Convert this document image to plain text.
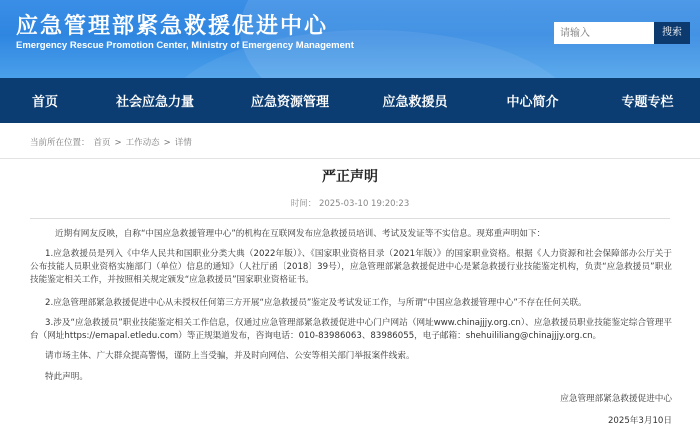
应急管理部紧急救援促进中心
Emergency Rescue Promotion Center, Ministry of Emergency Management
请输入
搜索
首页	社会应急力量	应急资源管理	应急救援员	中心简介	专题专栏
当前所在位置： 首页 > 工作动态 > 详情
严正声明
时间： 2025-03-10 19:20:23
近期有网友反映，自称“中国应急救援管理中心”的机构在互联网发布应急救援员培训、考试及发证等不实信息。现郑重声明如下：
1.应急救援员是列入《中华人民共和国职业分类大典（2022年版）》、《国家职业资格目录（2021年版）》的国家职业资格。根据《人力资源和社会保障部办公厅关于公布技能人员职业资格实施部门（单位）信息的通知》（人社厅函〔2018〕39号），应急管理部紧急救援促进中心是紧急救援行业技能鉴定机构，负责“应急救援员”职业技能鉴定相关工作，并按照相关规定颁发“应急救援员”国家职业资格证书。
2.应急管理部紧急救援促进中心从未授权任何第三方开展“应急救援员”鉴定及考试发证工作，与所谓“中国应急救援管理中心”不存在任何关联。
3.涉及“应急救援员”职业技能鉴定相关工作信息，仅通过应急管理部紧急救援促进中心门户网站（网址www.chinajjjy.org.cn）、应急救援员职业技能鉴定综合管理平台（网址https://emapal.etledu.com）等正规渠道发布，咨询电话：010-83986063、83986055，电子邮箱：shehuililiang@chinajjjy.org.cn。
请市场主体、广大群众提高警惕，谨防上当受骗，并及时向网信、公安等相关部门举报案件线索。
特此声明。
应急管理部紧急救援促进中心
2025年3月10日
